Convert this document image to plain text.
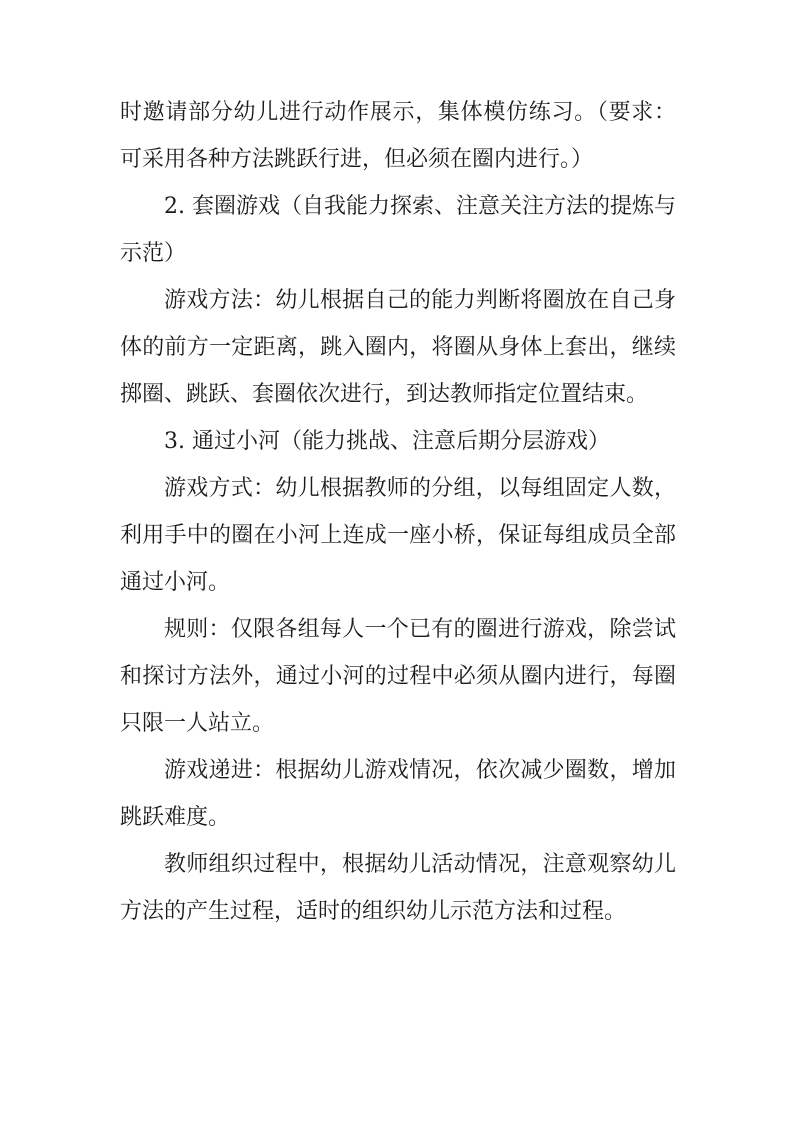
时邀请部分幼儿进行动作展示，集体模仿练习。（要求：可采用各种方法跳跃行进，但必须在圈内进行。）

2. 套圈游戏（自我能力探索、注意关注方法的提炼与示范）

游戏方法：幼儿根据自己的能力判断将圈放在自己身体的前方一定距离，跳入圈内，将圈从身体上套出，继续掷圈、跳跃、套圈依次进行，到达教师指定位置结束。

3. 通过小河（能力挑战、注意后期分层游戏）

游戏方式：幼儿根据教师的分组，以每组固定人数，利用手中的圈在小河上连成一座小桥，保证每组成员全部通过小河。

规则：仅限各组每人一个已有的圈进行游戏，除尝试和探讨方法外，通过小河的过程中必须从圈内进行，每圈只限一人站立。

游戏递进：根据幼儿游戏情况，依次减少圈数，增加跳跃难度。

教师组织过程中，根据幼儿活动情况，注意观察幼儿方法的产生过程，适时的组织幼儿示范方法和过程。
